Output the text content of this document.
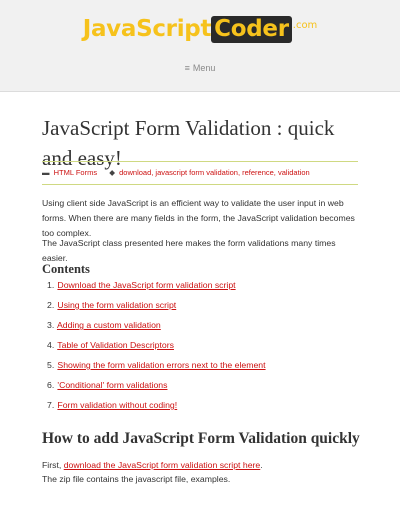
JavaScript Coder $^{.com}$
≡ Menu
JavaScript Form Validation : quick and easy!
▬ HTML Forms ◆ download, javascript form validation, reference, validation

Using client side JavaScript is an efficient way to validate the user input in web forms. When there are many fields in the form, the JavaScript validation becomes too complex.

The JavaScript class presented here makes the form validations many times easier.

Contents
1. Download the JavaScript form validation script
2. Using the form validation script
3. Adding a custom validation
4. Table of Validation Descriptors
5. Showing the form validation errors next to the element
6. 'Conditional' form validations
7. Form validation without coding!
How to add JavaScript Form Validation quickly

First, download the JavaScript form validation script here.

The zip file contains the javascript file, examples.
